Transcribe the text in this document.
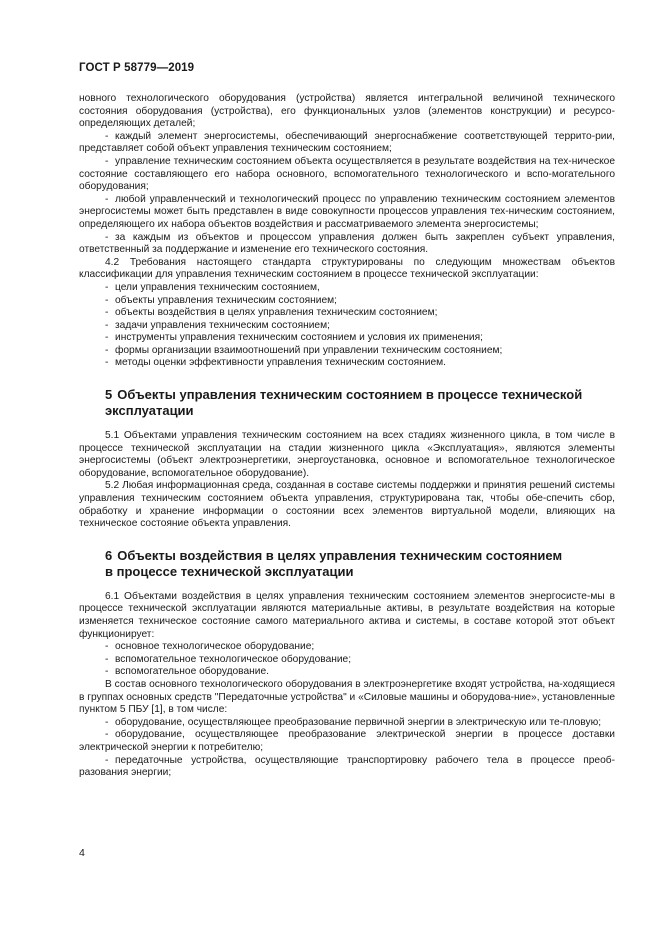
ГОСТ Р 58779—2019

новного технологического оборудования (устройства) является интегральной величиной технического состояния оборудования (устройства), его функциональных узлов (элементов конструкции) и ресурсо-определяющих деталей;

- каждый элемент энергосистемы, обеспечивающий энергоснабжение соответствующей террито-рии, представляет собой объект управления техническим состоянием;

- управление техническим состоянием объекта осуществляется в результате воздействия на тех-ническое состояние составляющего его набора основного, вспомогательного технологического и вспо-могательного оборудования;

- любой управленческий и технологический процесс по управлению техническим состоянием элементов энергосистемы может быть представлен в виде совокупности процессов управления тех-ническим состоянием, определяющего их набора объектов воздействия и рассматриваемого элемента энергосистемы;

- за каждым из объектов и процессом управления должен быть закреплен субъект управления, ответственный за поддержание и изменение его технического состояния.

4.2 Требования настоящего стандарта структурированы по следующим множествам объектов классификации для управления техническим состоянием в процессе технической эксплуатации:

- цели управления техническим состоянием,

- объекты управления техническим состоянием;

- объекты воздействия в целях управления техническим состоянием;

- задачи управления техническим состоянием;

- инструменты управления техническим состоянием и условия их применения;

- формы организации взаимоотношений при управлении техническим состоянием;

- методы оценки эффективности управления техническим состоянием.

5 Объекты управления техническим состоянием в процессе технической эксплуатации

5.1 Объектами управления техническим состоянием на всех стадиях жизненного цикла, в том числе в процессе технической эксплуатации на стадии жизненного цикла «Эксплуатация», являются элементы энергосистемы (объект электроэнергетики, энергоустановка, основное и вспомогательное технологическое оборудование, вспомогательное оборудование).

5.2 Любая информационная среда, созданная в составе системы поддержки и принятия решений системы управления техническим состоянием объекта управления, структурирована так, чтобы обе-спечить сбор, обработку и хранение информации о состоянии всех элементов виртуальной модели, влияющих на техническое состояние объекта управления.

6 Объекты воздействия в целях управления техническим состоянием
в процессе технической эксплуатации

6.1 Объектами воздействия в целях управления техническим состоянием элементов энергосисте-мы в процессе технической эксплуатации являются материальные активы, в результате воздействия на которые изменяется техническое состояние самого материального актива и системы, в составе которой этот объект функционирует:

- основное технологическое оборудование;

- вспомогательное технологическое оборудование;

- вспомогательное оборудование.

В состав основного технологического оборудования в электроэнергетике входят устройства, на-ходящиеся в группах основных средств "Передаточные устройства" и «Силовые машины и оборудова-ние», установленные пунктом 5 ПБУ [1], в том числе:

- оборудование, осуществляющее преобразование первичной энергии в электрическую или те-пловую;

- оборудование, осуществляющее преобразование электрической энергии в процессе доставки электрической энергии к потребителю;

- передаточные устройства, осуществляющие транспортировку рабочего тела в процессе преоб-разования энергии;

4
